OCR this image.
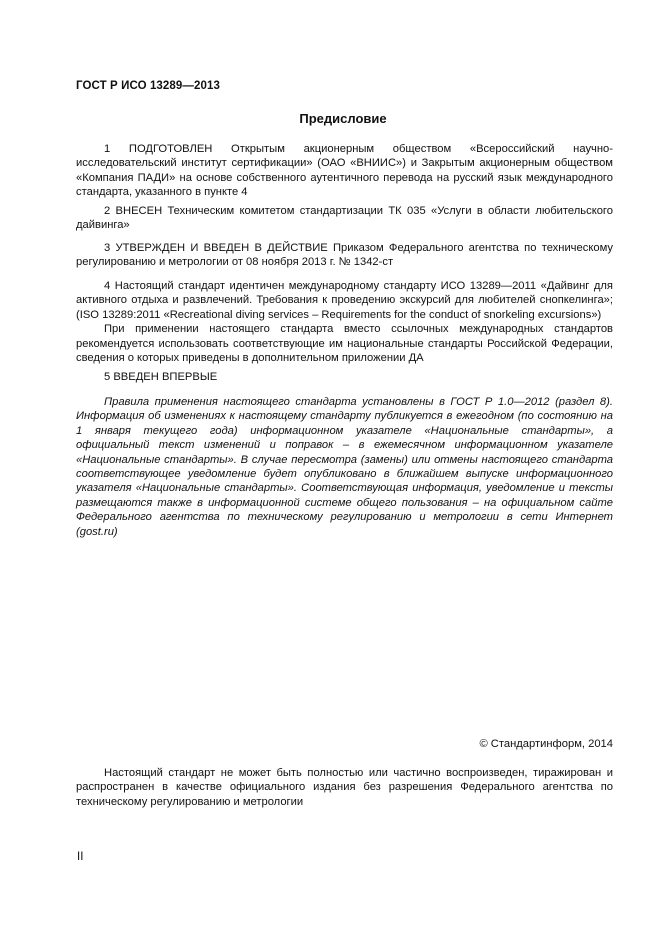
ГОСТ Р ИСО 13289—2013
Предисловие

1 ПОДГОТОВЛЕН Открытым акционерным обществом «Всероссийский научно-исследовательский институт сертификации» (ОАО «ВНИИС») и Закрытым акционерным обществом «Компания ПАДИ» на основе собственного аутентичного перевода на русский язык международного стандарта, указанного в пункте 4

2 ВНЕСЕН Техническим комитетом стандартизации ТК 035 «Услуги в области любительского дайвинга»

3 УТВЕРЖДЕН И ВВЕДЕН В ДЕЙСТВИЕ Приказом Федерального агентства по техническому регулированию и метрологии от 08 ноября 2013 г. № 1342-ст

4 Настоящий стандарт идентичен международному стандарту ИСО 13289—2011 «Дайвинг для активного отдыха и развлечений. Требования к проведению экскурсий для любителей снопкелинга»; (ISO 13289:2011 «Recreational diving services – Requirements for the conduct of snorkeling excursions»)

При применении настоящего стандарта вместо ссылочных международных стандартов рекомендуется использовать соответствующие им национальные стандарты Российской Федерации, сведения о которых приведены в дополнительном приложении ДА

5 ВВЕДЕН ВПЕРВЫЕ

Правила применения настоящего стандарта установлены в ГОСТ Р 1.0—2012 (раздел 8). Информация об изменениях к настоящему стандарту публикуется в ежегодном (по состоянию на 1 января текущего года) информационном указателе «Национальные стандарты», а официальный текст изменений и поправок – в ежемесячном информационном указателе «Национальные стандарты». В случае пересмотра (замены) или отмены настоящего стандарта соответствующее уведомление будет опубликовано в ближайшем выпуске информационного указателя «Национальные стандарты». Соответствующая информация, уведомление и тексты размещаются также в информационной системе общего пользования – на официальном сайте Федерального агентства по техническому регулированию и метрологии в сети Интернет (gost.ru)

© Стандартинформ, 2014

Настоящий стандарт не может быть полностью или частично воспроизведен, тиражирован и распространен в качестве официального издания без разрешения Федерального агентства по техническому регулированию и метрологии

II
